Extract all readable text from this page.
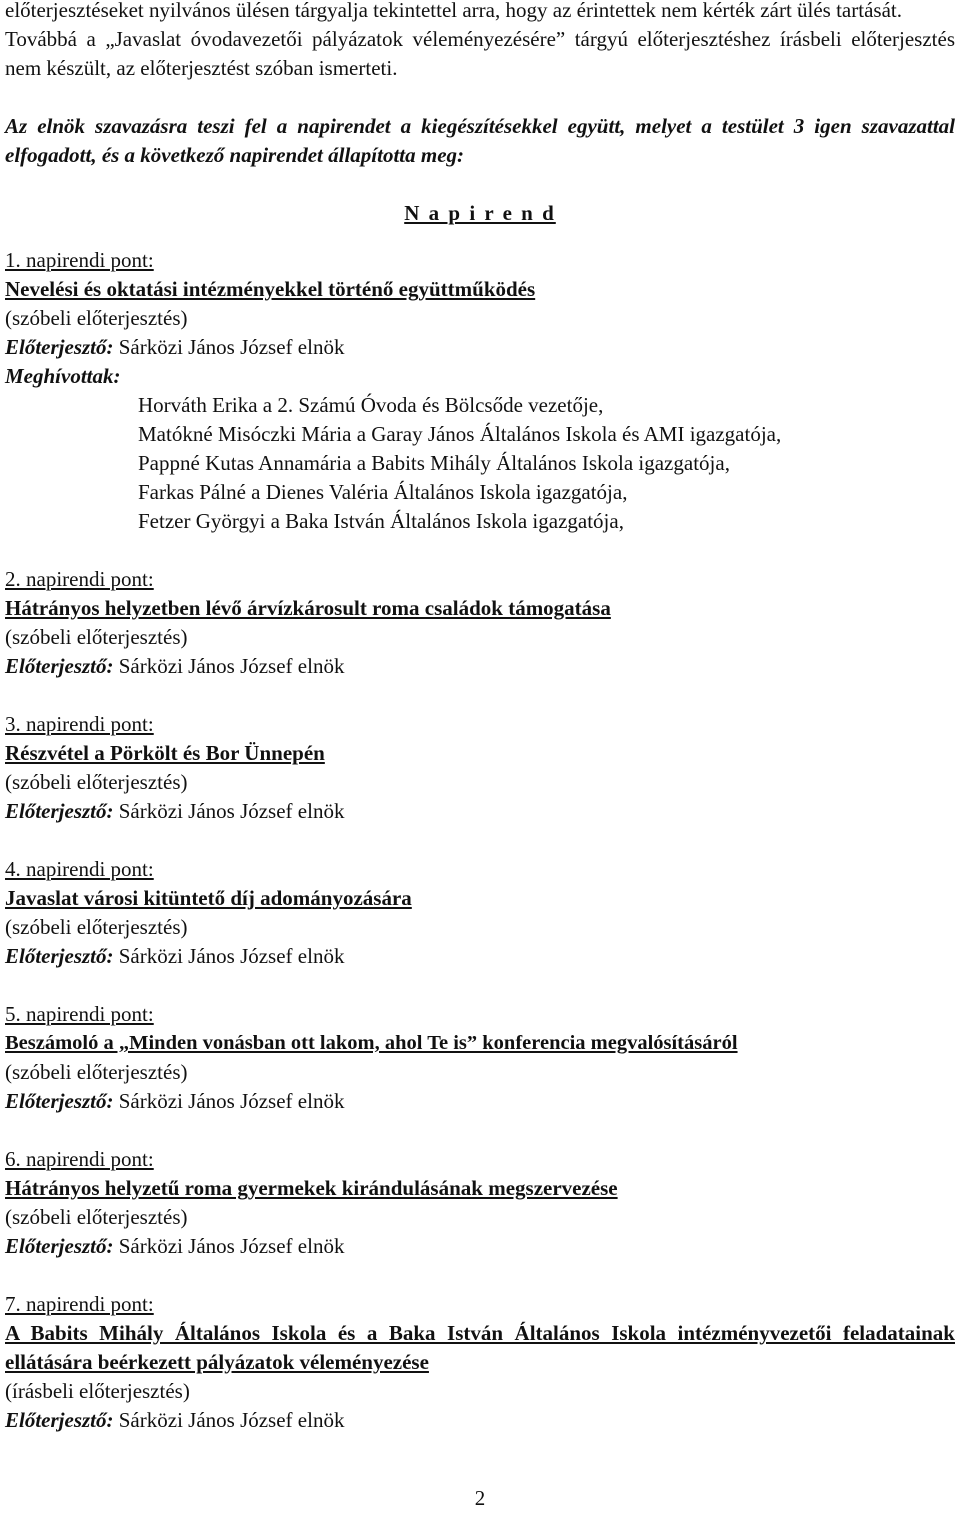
előterjesztéseket nyilvános ülésen tárgyalja tekintettel arra, hogy az érintettek nem kérték zárt ülés tartását.

Továbbá a „Javaslat óvodavezetői pályázatok véleményezésére” tárgyú előterjesztéshez írásbeli előterjesztés nem készült, az előterjesztést szóban ismerteti.

Az elnök szavazásra teszi fel a napirendet a kiegészítésekkel együtt, melyet a testület 3 igen szavazattal elfogadott, és a következő napirendet állapította meg:

N a p i r e n d

1. napirendi pont:

Nevelési és oktatási intézményekkel történő együttműködés

(szóbeli előterjesztés)

Előterjesztő: Sárközi János József elnök

Meghívottak:

Horváth Erika a 2. Számú Óvoda és Bölcsőde vezetője,
Matókné Misóczki Mária a Garay János Általános Iskola és AMI igazgatója,
Pappné Kutas Annamária a Babits Mihály Általános Iskola igazgatója,
Farkas Pálné a Dienes Valéria Általános Iskola igazgatója,
Fetzer Györgyi a Baka István Általános Iskola igazgatója,

2. napirendi pont:

Hátrányos helyzetben lévő árvízkárosult roma családok támogatása

(szóbeli előterjesztés)

Előterjesztő: Sárközi János József elnök

3. napirendi pont:

Részvétel a Pörkölt és Bor Ünnepén

(szóbeli előterjesztés)

Előterjesztő: Sárközi János József elnök

4. napirendi pont:

Javaslat városi kitüntető díj adományozására

(szóbeli előterjesztés)

Előterjesztő: Sárközi János József elnök

5. napirendi pont:

Beszámoló a „Minden vonásban ott lakom, ahol Te is” konferencia megvalósításáról

(szóbeli előterjesztés)

Előterjesztő: Sárközi János József elnök

6. napirendi pont:

Hátrányos helyzetű roma gyermekek kirándulásának megszervezése

(szóbeli előterjesztés)

Előterjesztő: Sárközi János József elnök

7. napirendi pont:

A Babits Mihály Általános Iskola és a Baka István Általános Iskola intézményvezetői feladatainak ellátására beérkezett pályázatok véleményezése

(írásbeli előterjesztés)

Előterjesztő: Sárközi János József elnök

2
